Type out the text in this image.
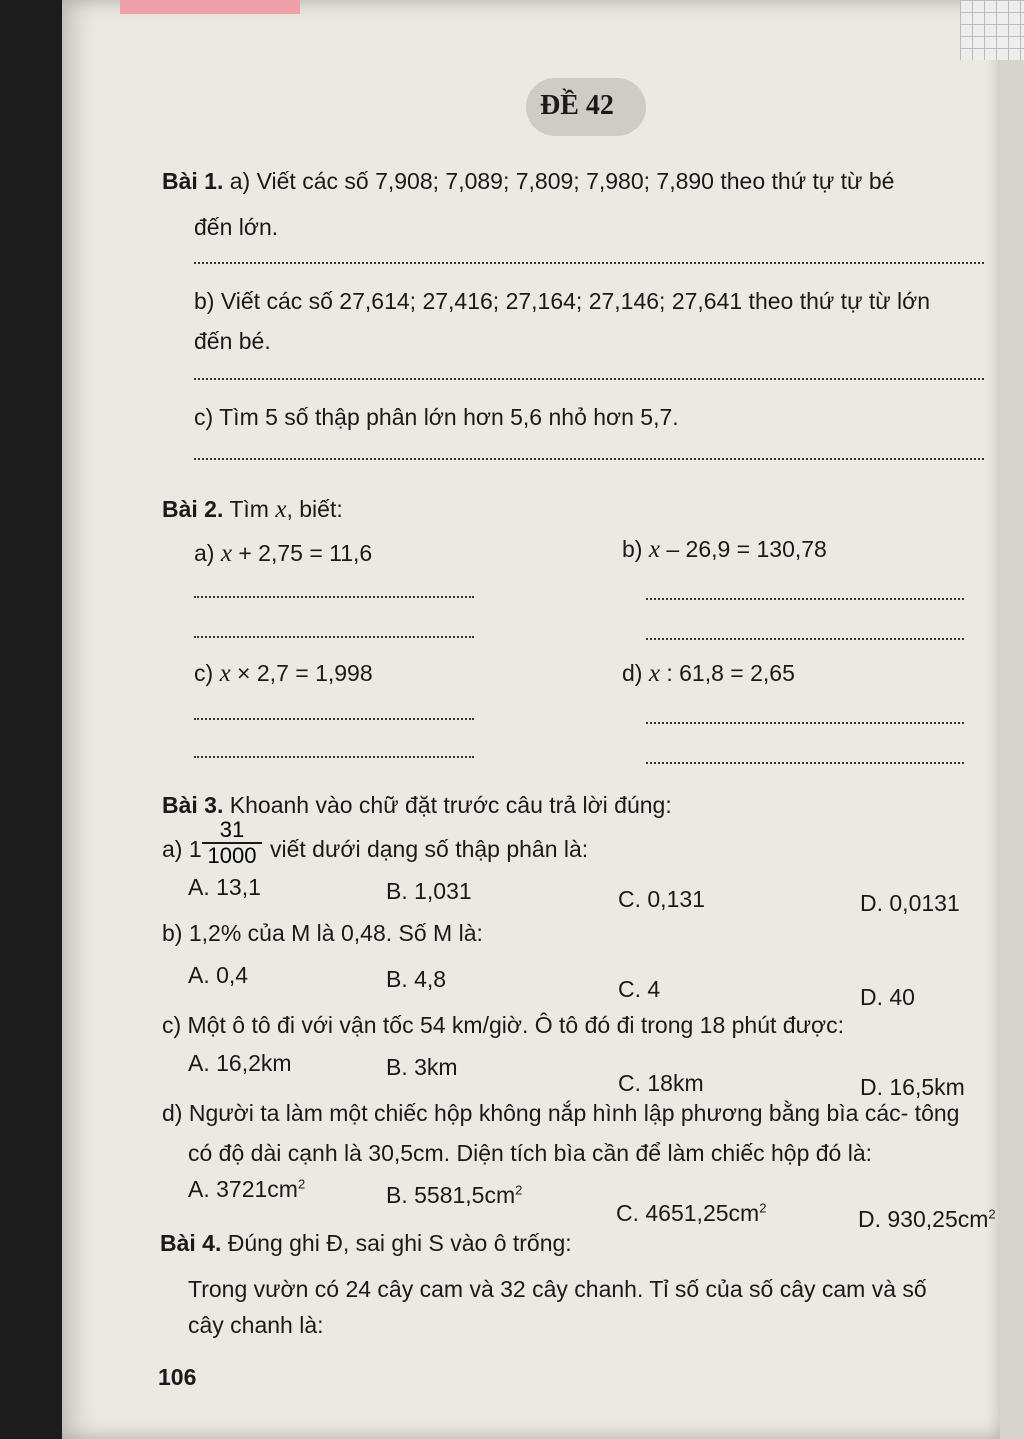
ĐỀ 42
Bài 1. a) Viết các số 7,908; 7,089; 7,809; 7,980; 7,890 theo thứ tự từ bé
đến lớn.
b) Viết các số 27,614; 27,416; 27,164; 27,146; 27,641 theo thứ tự từ lớn
đến bé.
c) Tìm 5 số thập phân lớn hơn 5,6 nhỏ hơn 5,7.
Bài 2. Tìm x, biết:
a) x + 2,75 = 11,6	b) x – 26,9 = 130,78
c) x × 2,7 = 1,998	d) x : 61,8 = 2,65
Bài 3. Khoanh vào chữ đặt trước câu trả lời đúng:
a) $1 \frac{31}{1000}$ viết dưới dạng số thập phân là:
A. 13,1	B. 1,031	C. 0,131	D. 0,0131
b) 1,2% của M là 0,48. Số M là:
A. 0,4	B. 4,8	C. 4	D. 40
c) Một ô tô đi với vận tốc 54 km/giờ. Ô tô đó đi trong 18 phút được:
A. 16,2km	B. 3km
C. 18km	D. 16,5km
d) Người ta làm một chiếc hộp không nắp hình lập phương bằng bìa các- tông
có độ dài cạnh là 30,5cm. Diện tích bìa cần để làm chiếc hộp đó là:
A. $3721cm^2$	B. $5581,5cm^2$
C. $4651,25cm^2$	D. $930,25cm^2$
Bài 4. Đúng ghi Đ, sai ghi S vào ô trống:
Trong vườn có 24 cây cam và 32 cây chanh. Tỉ số của số cây cam và số
cây chanh là:
106
